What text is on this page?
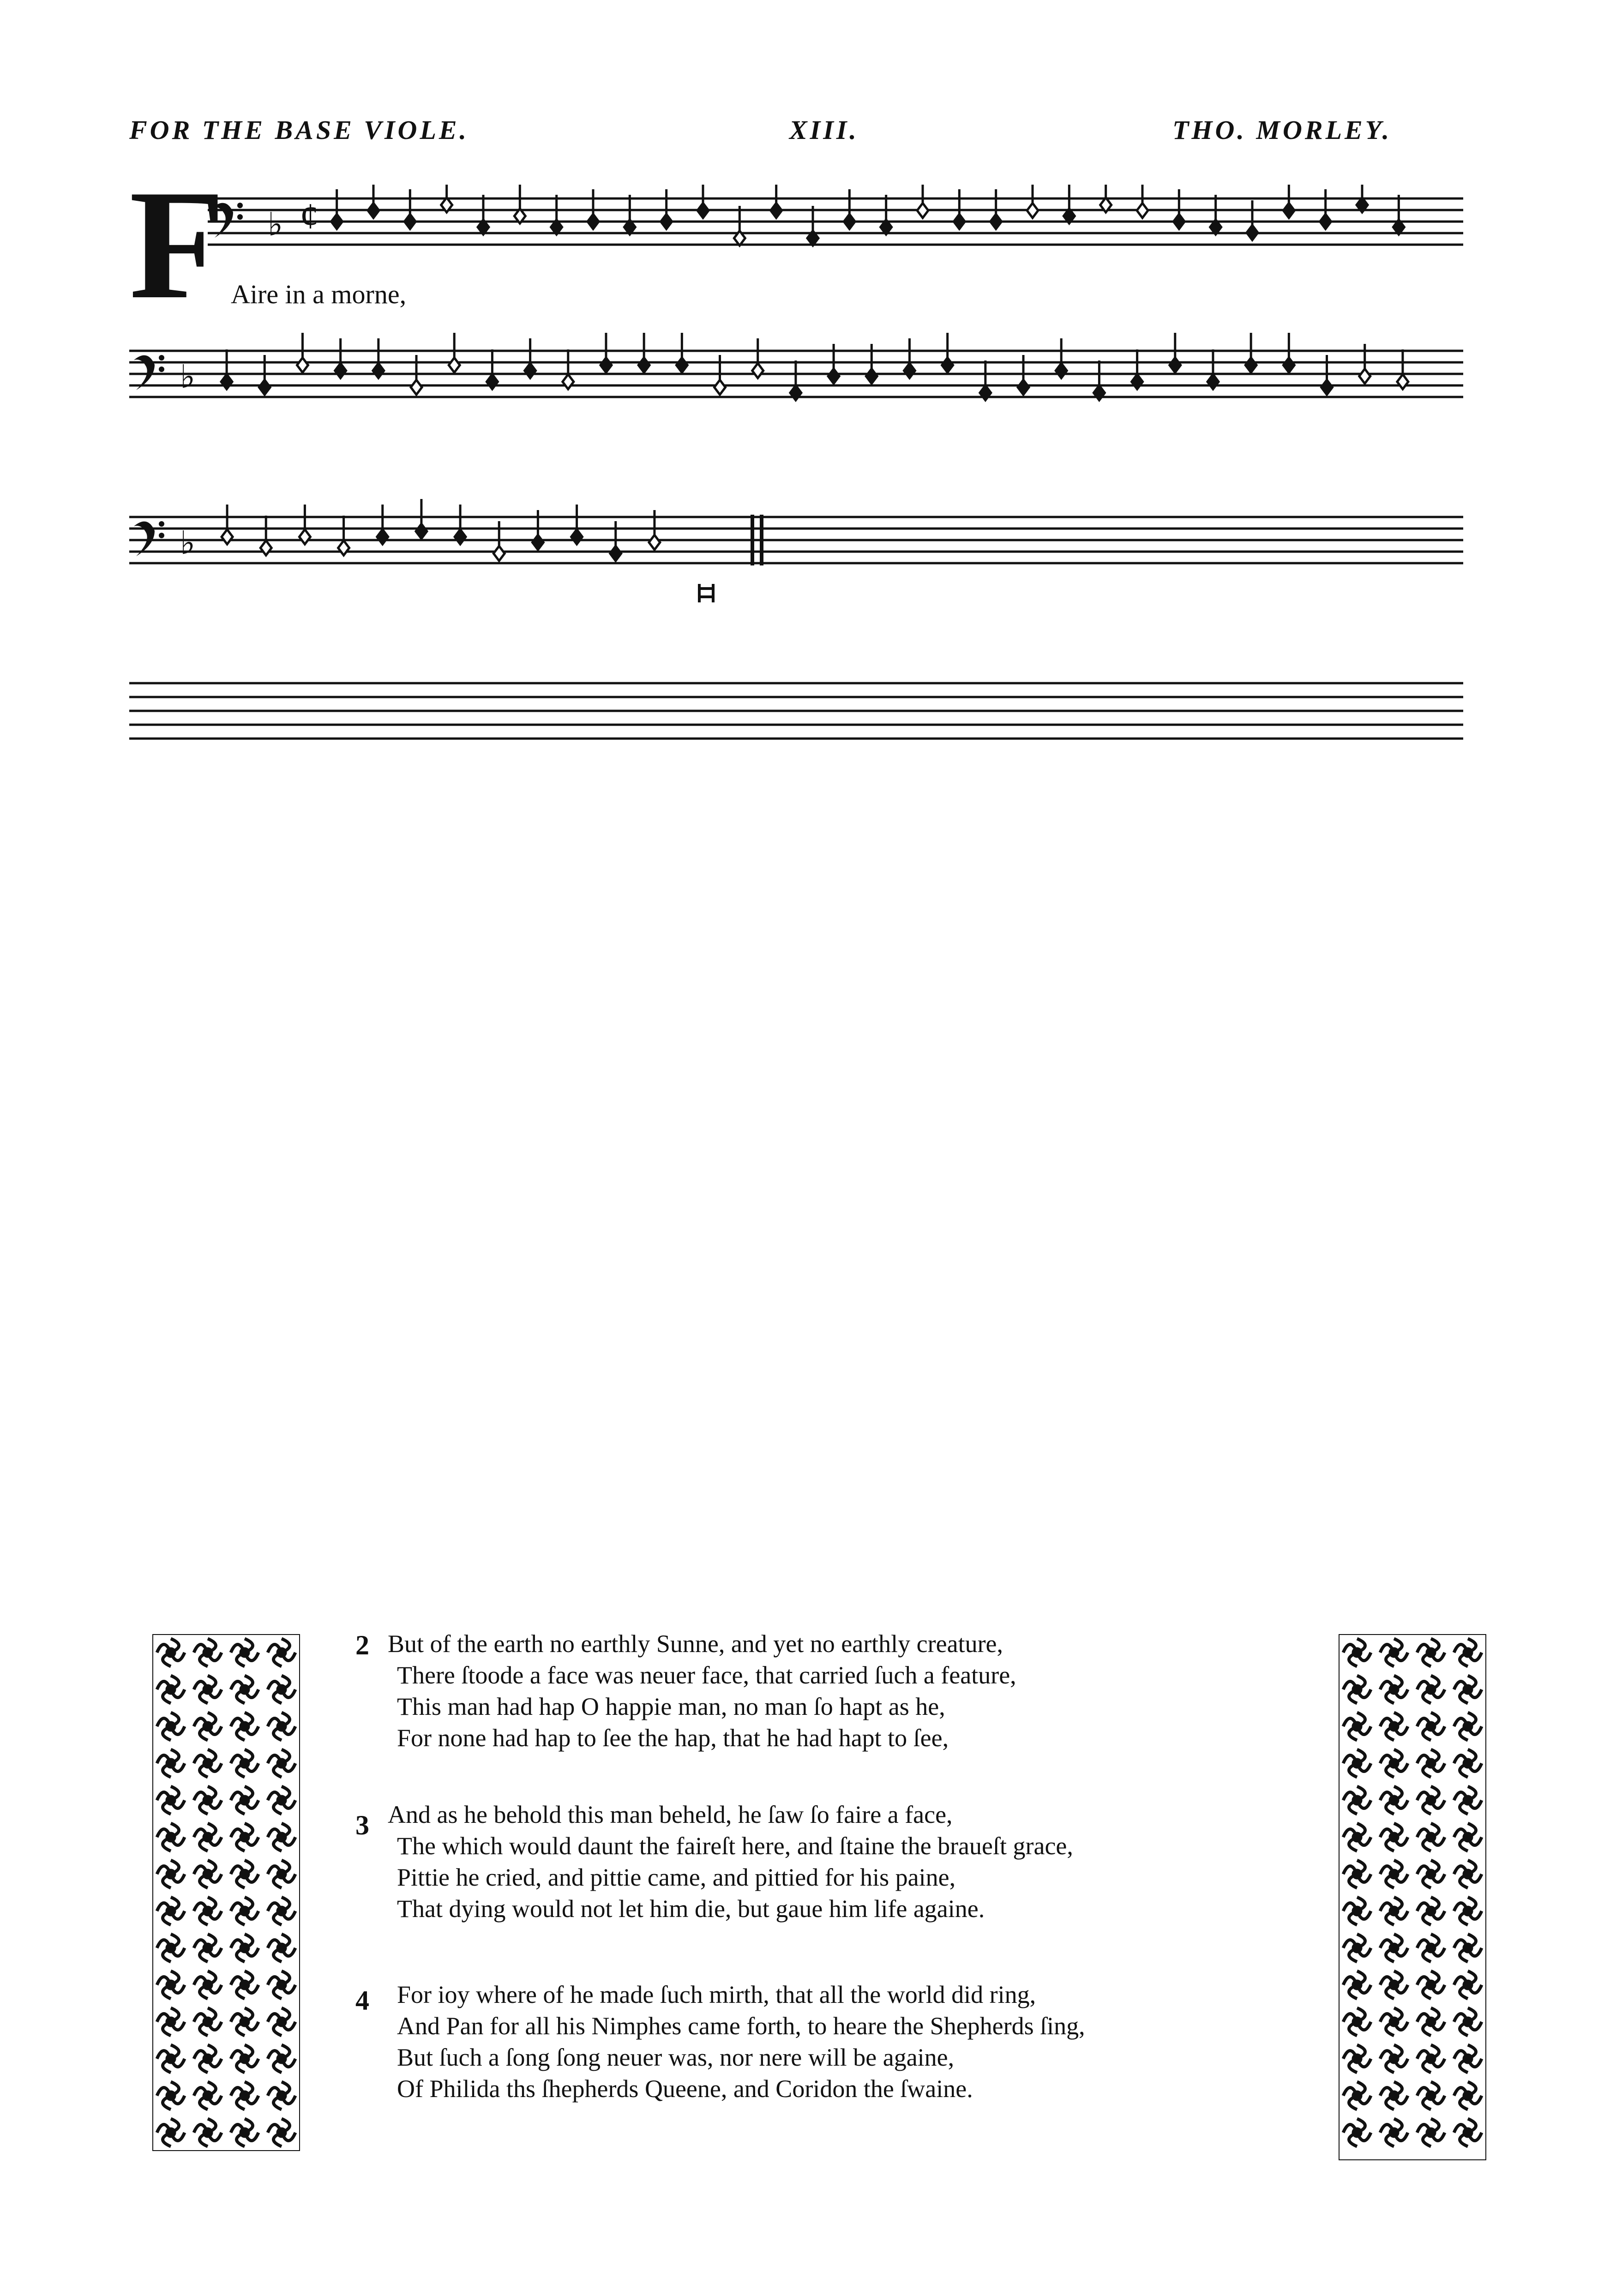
FOR THE BASE VIOLE.	XIII.	THO. MORLEY.
F Aire in a morne,
♭ ¢
♭
♭
2 But of the earth no earthly Sunne, and yet no earthly creature,
There ſtoode a face was neuer face, that carried ſuch a feature,
This man had hap O happie man, no man ſo hapt as he,
For none had hap to ſee the hap, that he had hapt to ſee,
3 And as he behold this man beheld, he ſaw ſo faire a face,
The which would daunt the faireſt here, and ſtaine the braueſt grace,
Pittie he cried, and pittie came, and pittied for his paine,
That dying would not let him die, but gaue him life againe.
4 For ioy where of he made ſuch mirth, that all the world did ring,
And Pan for all his Nimphes came forth, to heare the Shepherds ſing,
But ſuch a ſong ſong neuer was, nor nere will be againe,
Of Philida ths ſhepherds Queene, and Coridon the ſwaine.
